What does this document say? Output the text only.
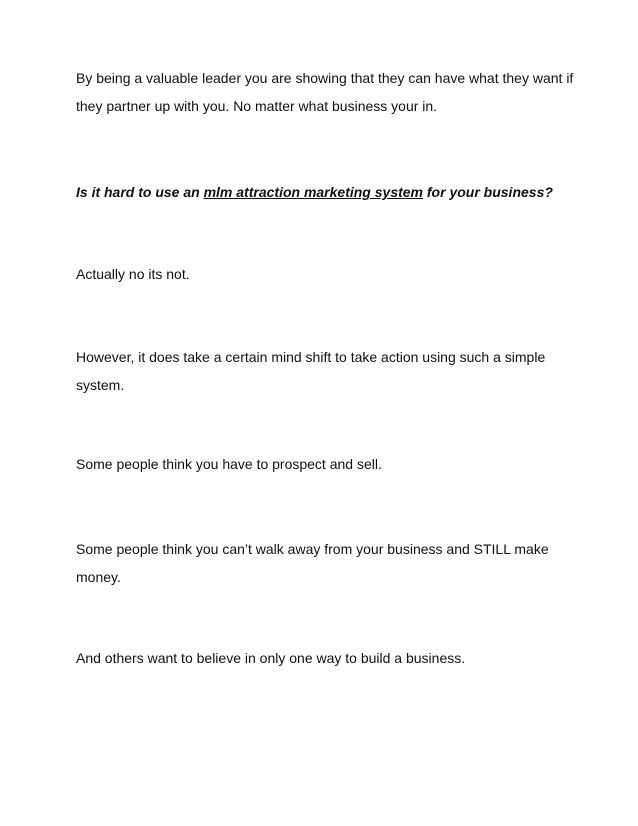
By being a valuable leader you are showing that they can have what they want if they partner up with you. No matter what business your in.

Is it hard to use an mlm attraction marketing system for your business?

Actually no its not.

However, it does take a certain mind shift to take action using such a simple system.

Some people think you have to prospect and sell.

Some people think you can’t walk away from your business and STILL make money.

And others want to believe in only one way to build a business.
